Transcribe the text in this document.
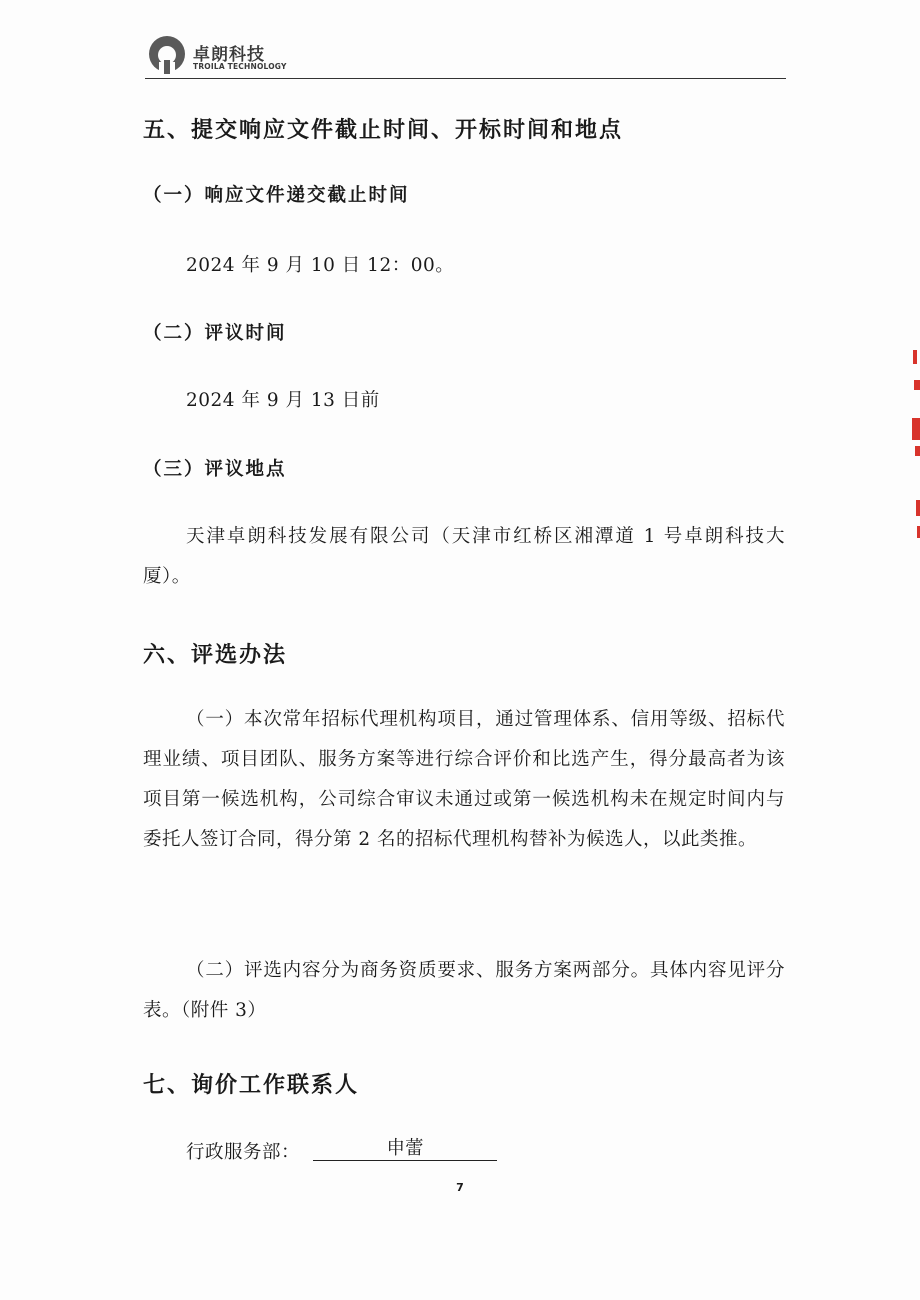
卓朗科技
TROILA TECHNOLOGY
五、提交响应文件截止时间、开标时间和地点
（一）响应文件递交截止时间

2024 年 9 月 10 日 12：00。

（二）评议时间

2024 年 9 月 13 日前

（三）评议地点

天津卓朗科技发展有限公司（天津市红桥区湘潭道 1 号卓朗科技大厦）。

六、评选办法

（一）本次常年招标代理机构项目，通过管理体系、信用等级、招标代理业绩、项目团队、服务方案等进行综合评价和比选产生，得分最高者为该项目第一候选机构，公司综合审议未通过或第一候选机构未在规定时间内与委托人签订合同，得分第 2 名的招标代理机构替补为候选人，以此类推。

（二）评选内容分为商务资质要求、服务方案两部分。具体内容见评分表。（附件 3）

七、询价工作联系人

行政服务部：	申蕾
7
